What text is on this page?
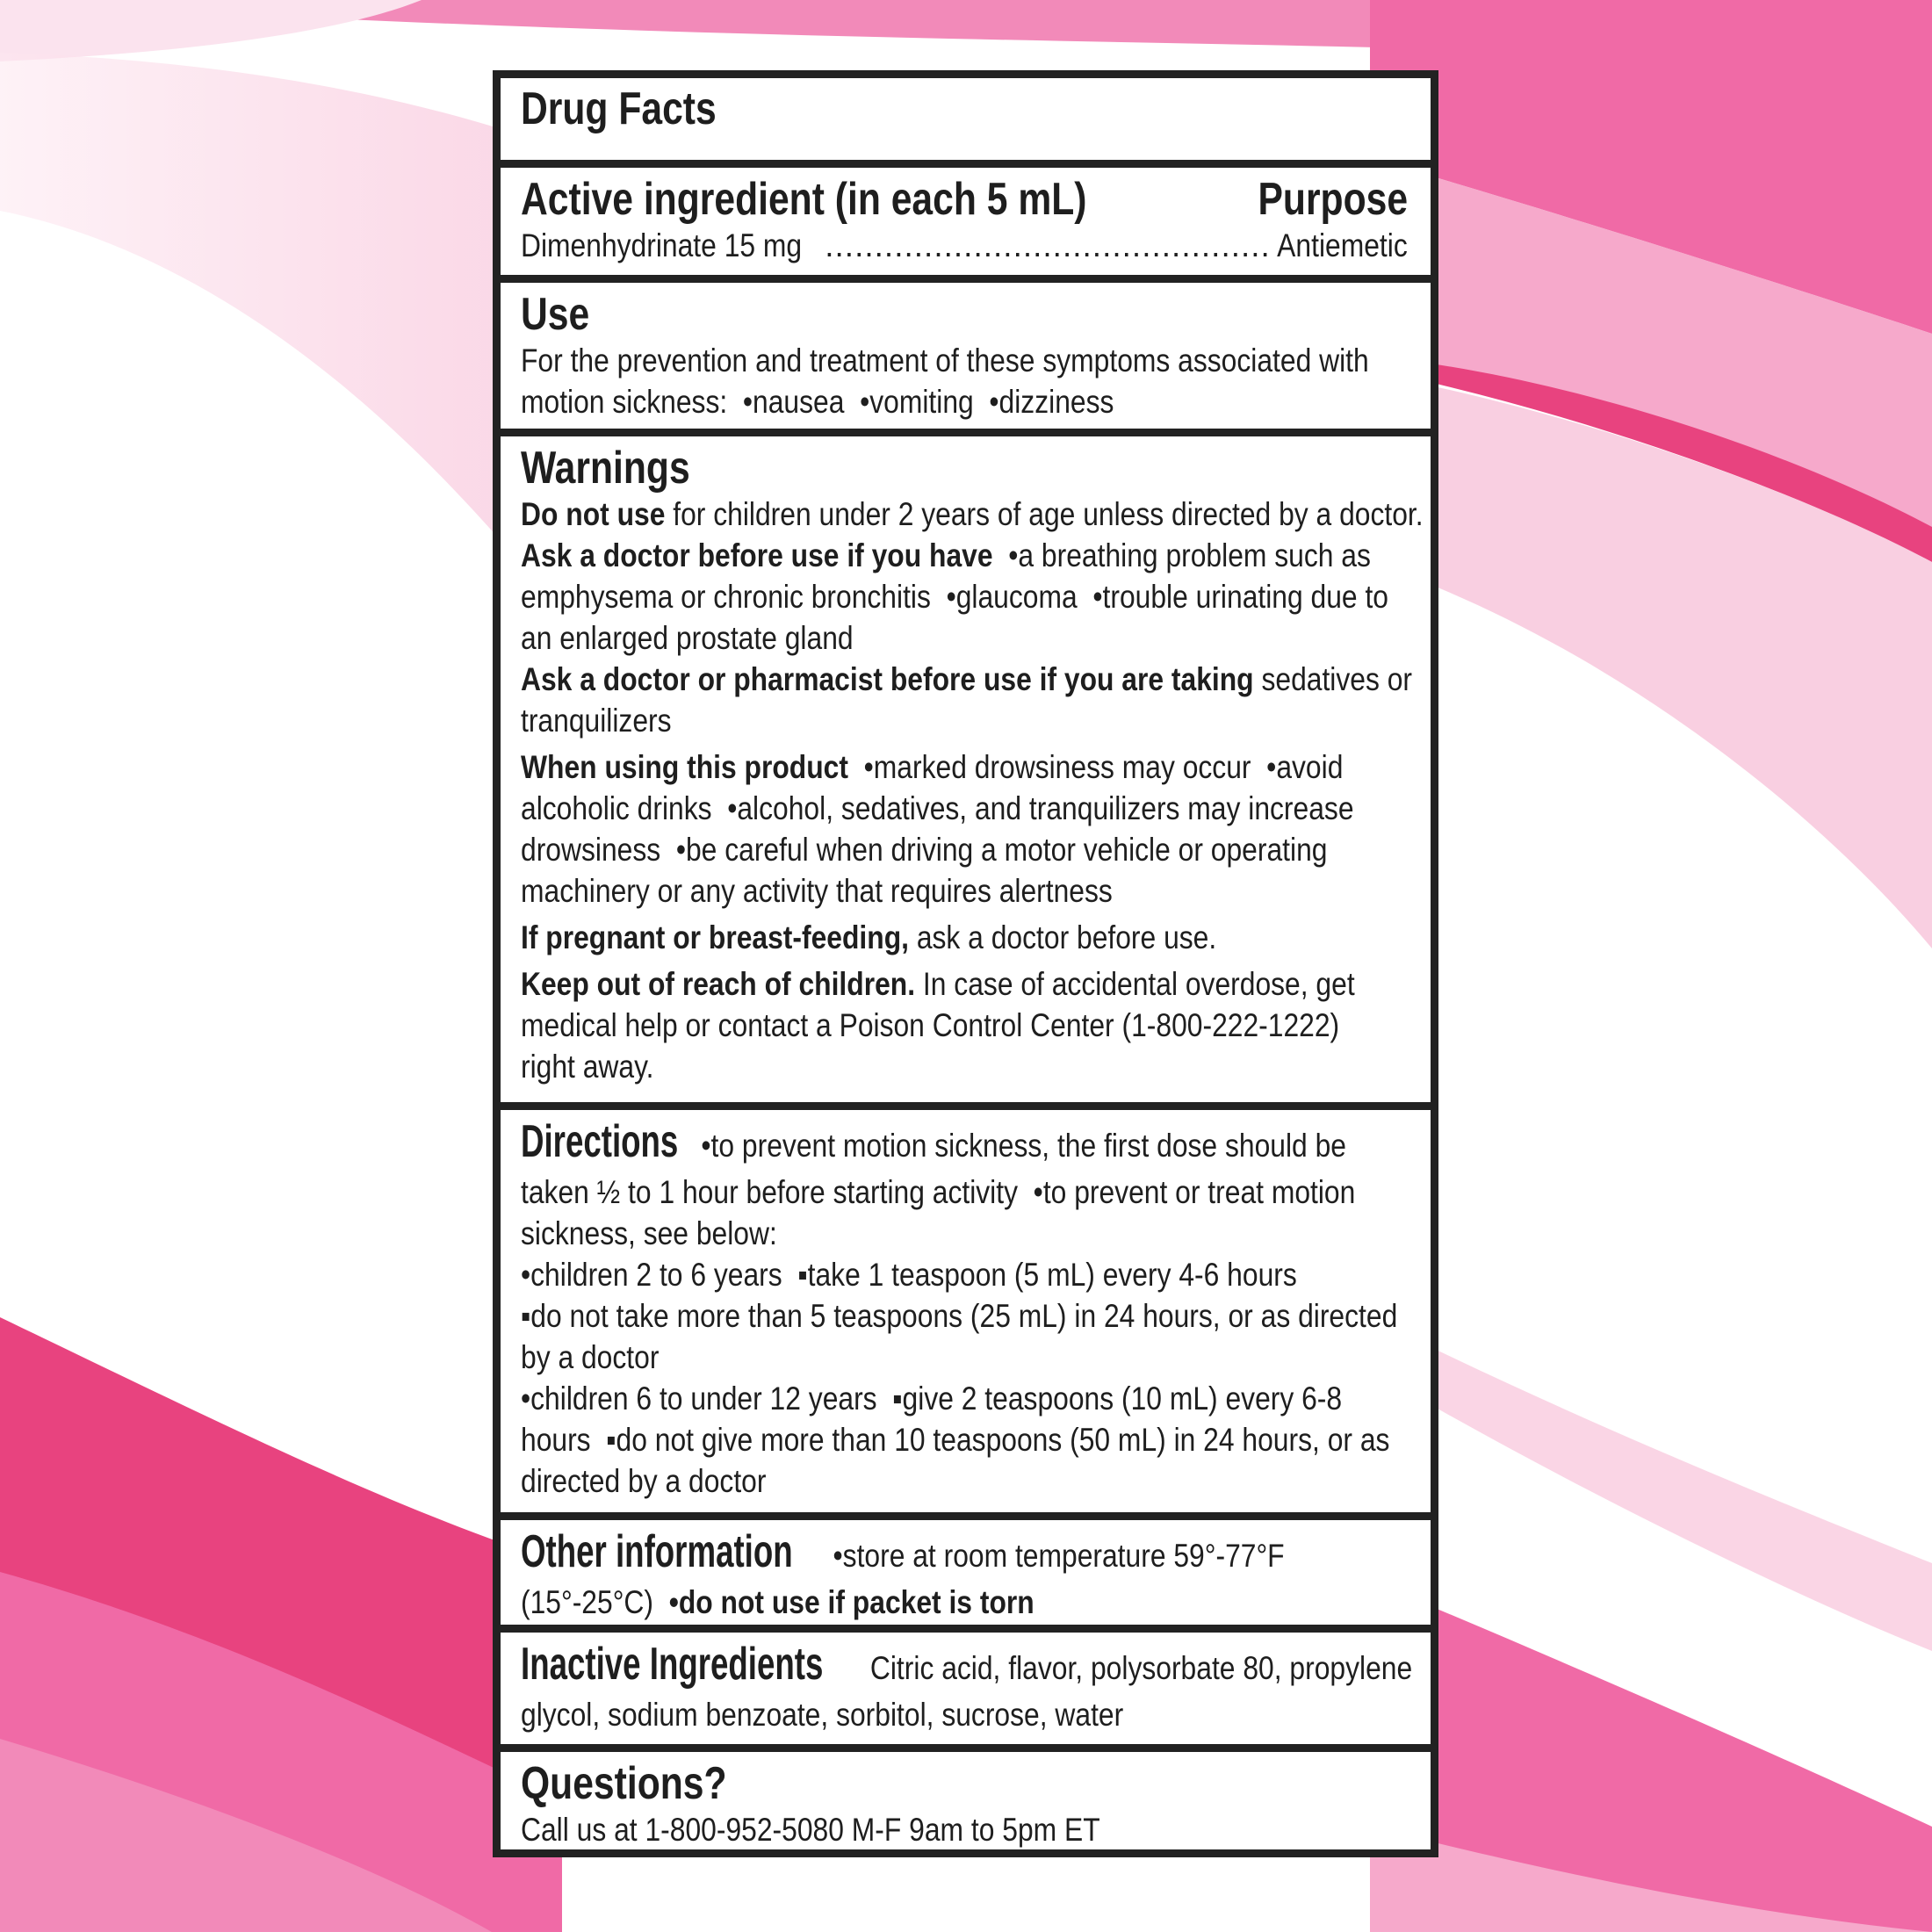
Drug Facts
Active ingredient (in each 5 mL)	Purpose
Dimenhydrinate 15 mg
.....	Antiemetic
Use
For the prevention and treatment of these symptoms associated with
motion sickness:  •nausea  •vomiting  •dizziness
Warnings
Do not use for children under 2 years of age unless directed by a doctor.
Ask a doctor before use if you have  •a breathing problem such as
emphysema or chronic bronchitis  •glaucoma  •trouble urinating due to
an enlarged prostate gland
Ask a doctor or pharmacist before use if you are taking sedatives or
tranquilizers
When using this product  •marked drowsiness may occur  •avoid
alcoholic drinks  •alcohol, sedatives, and tranquilizers may increase
drowsiness  •be careful when driving a motor vehicle or operating
machinery or any activity that requires alertness
If pregnant or breast-feeding, ask a doctor before use.
Keep out of reach of children. In case of accidental overdose, get
medical help or contact a Poison Control Center (1-800-222-1222)
right away.
Directions  •to prevent motion sickness, the first dose should be
taken ½ to 1 hour before starting activity  •to prevent or treat motion
sickness, see below:
•children 2 to 6 years  ▪take 1 teaspoon (5 mL) every 4-6 hours
▪do not take more than 5 teaspoons (25 mL) in 24 hours, or as directed
by a doctor
•children 6 to under 12 years  ▪give 2 teaspoons (10 mL) every 6-8
hours  ▪do not give more than 10 teaspoons (50 mL) in 24 hours, or as
directed by a doctor
Other information •store at room temperature 59°-77°F
(15°-25°C)  •do not use if packet is torn
Inactive Ingredients Citric acid, flavor, polysorbate 80, propylene
glycol, sodium benzoate, sorbitol, sucrose, water
Questions?
Call us at 1-800-952-5080 M-F 9am to 5pm ET
